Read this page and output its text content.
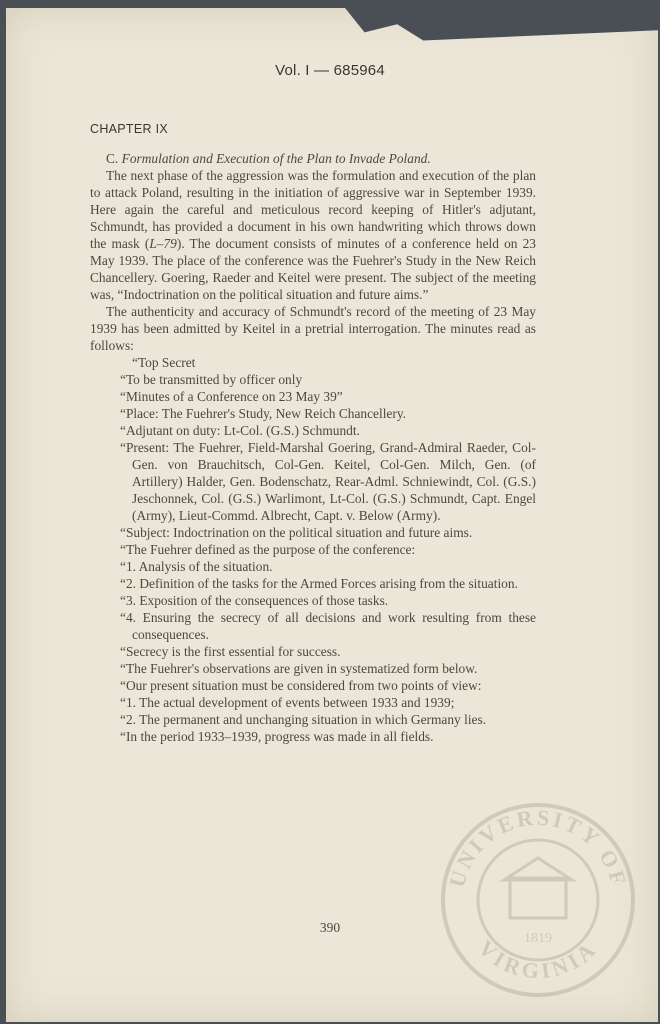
Vol. I — 685964
CHAPTER IX

C. Formulation and Execution of the Plan to Invade Poland.

The next phase of the aggression was the formulation and execution of the plan to attack Poland, resulting in the initiation of aggressive war in September 1939. Here again the careful and meticulous record keeping of Hitler's adjutant, Schmundt, has provided a document in his own handwriting which throws down the mask (L–79). The document consists of minutes of a conference held on 23 May 1939. The place of the conference was the Fuehrer's Study in the New Reich Chancellery. Goering, Raeder and Keitel were present. The subject of the meeting was, “Indoctrination on the political situation and future aims.”

The authenticity and accuracy of Schmundt's record of the meeting of 23 May 1939 has been admitted by Keitel in a pretrial interrogation. The minutes read as follows:

“Top Secret

“To be transmitted by officer only

“Minutes of a Conference on 23 May 39”

“Place: The Fuehrer's Study, New Reich Chancellery.

“Adjutant on duty: Lt-Col. (G.S.) Schmundt.

“Present: The Fuehrer, Field-Marshal Goering, Grand-Admiral Raeder, Col-Gen. von Brauchitsch, Col-Gen. Keitel, Col-Gen. Milch, Gen. (of Artillery) Halder, Gen. Bodenschatz, Rear-Adml. Schniewindt, Col. (G.S.) Jeschonnek, Col. (G.S.) Warlimont, Lt-Col. (G.S.) Schmundt, Capt. Engel (Army), Lieut-Commd. Albrecht, Capt. v. Below (Army).

“Subject: Indoctrination on the political situation and future aims.

“The Fuehrer defined as the purpose of the conference:

“1. Analysis of the situation.

“2. Definition of the tasks for the Armed Forces arising from the situation.

“3. Exposition of the consequences of those tasks.

“4. Ensuring the secrecy of all decisions and work resulting from these consequences.

“Secrecy is the first essential for success.

“The Fuehrer's observations are given in systematized form below.

“Our present situation must be considered from two points of view:

“1. The actual development of events between 1933 and 1939;

“2. The permanent and unchanging situation in which Germany lies.

“In the period 1933–1939, progress was made in all fields.

390
UNIVERSITY OF
VIRGINIA
1819
